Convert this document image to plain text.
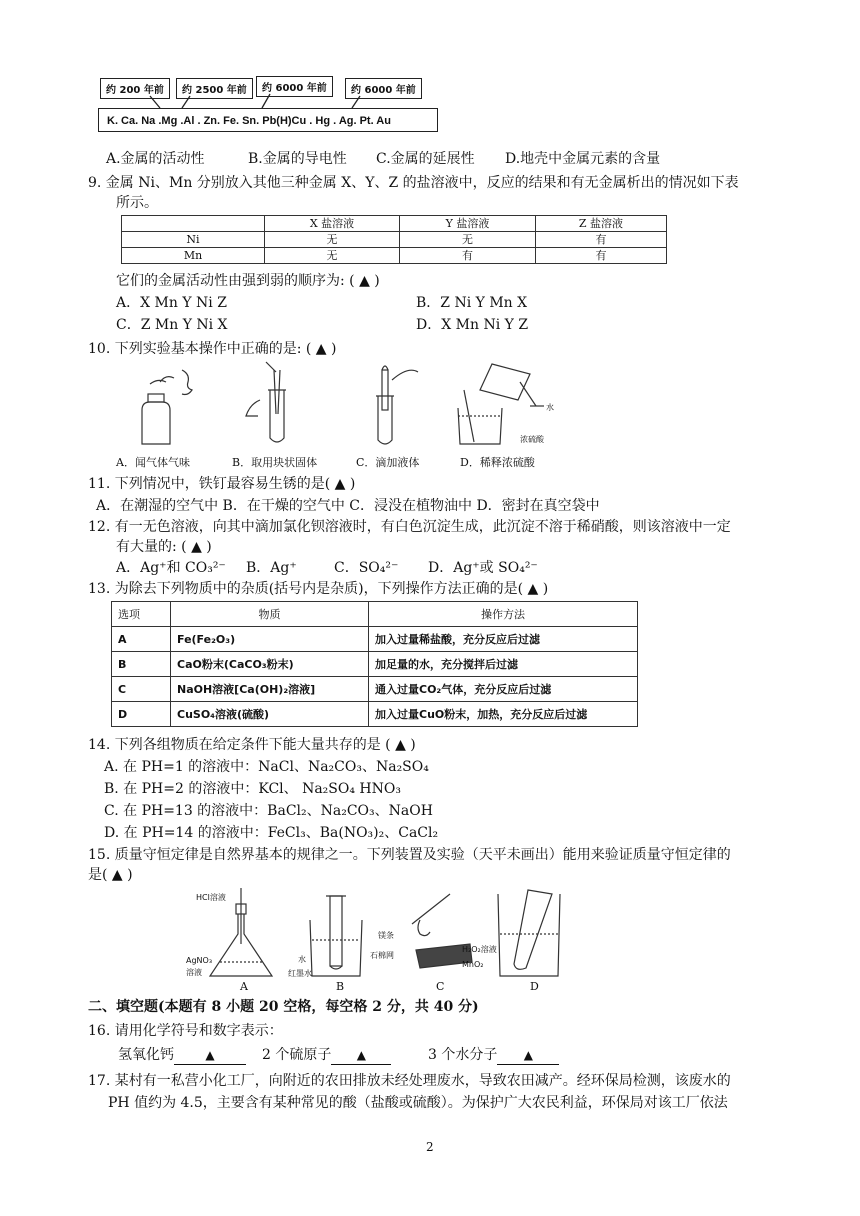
约 200 年前	约 2500 年前	约 6000 年前	约 6000 年前
K. Ca. Na .Mg .Al . Zn. Fe. Sn. Pb(H)Cu . Hg . Ag. Pt. Au
A.金属的活动性	B.金属的导电性 C.金属的延展性 D.地壳中金属元素的含量
9. 金属 Ni、Mn 分别放入其他三种金属 X、Y、Z 的盐溶液中，反应的结果和有无金属析出的情况如下表
所示。
	X 盐溶液	Y 盐溶液	Z 盐溶液
Ni	无	无	有
Mn	无	有	有
它们的金属活动性由强到弱的顺序为: ( ▲ )
A．X Mn Y Ni Z	B．Z Ni Y Mn X
C．Z Mn Y Ni X	D．X Mn Ni Y Z
10. 下列实验基本操作中正确的是: ( ▲ )
水
浓硫酸
A．闻气体气味	B．取用块状固体	C．滴加液体	D．稀释浓硫酸
11. 下列情况中，铁钉最容易生锈的是( ▲ )
A．在潮湿的空气中 B．在干燥的空气中 C．浸没在植物油中 D．密封在真空袋中
12. 有一无色溶液，向其中滴加氯化钡溶液时，有白色沉淀生成，此沉淀不溶于稀硝酸，则该溶液中一定
有大量的: ( ▲ )
A．Ag⁺和 CO₃²⁻ B．Ag⁺	C．SO₄²⁻ D．Ag⁺或 SO₄²⁻
13. 为除去下列物质中的杂质(括号内是杂质)，下列操作方法正确的是( ▲ )
选项	物质	操作方法
A	Fe(Fe₂O₃)	加入过量稀盐酸，充分反应后过滤
B	CaO粉末(CaCO₃粉末)	加足量的水，充分搅拌后过滤
C	NaOH溶液[Ca(OH)₂溶液]	通入过量CO₂气体，充分反应后过滤
D	CuSO₄溶液(硫酸)	加入过量CuO粉末，加热，充分反应后过滤
14. 下列各组物质在给定条件下能大量共存的是 ( ▲ )
A. 在 PH=1 的溶液中：NaCl、Na₂CO₃、Na₂SO₄
B. 在 PH=2 的溶液中：KCl、 Na₂SO₄ HNO₃
C. 在 PH=13 的溶液中：BaCl₂、Na₂CO₃、NaOH
D. 在 PH=14 的溶液中：FeCl₃、Ba(NO₃)₂、CaCl₂
15. 质量守恒定律是自然界基本的规律之一。下列装置及实验（天平未画出）能用来验证质量守恒定律的
是( ▲ )
HCl溶液
AgNO₃
溶液
水
红墨水
镁条
石棉网
H₂O₂溶液
MnO₂
A	B	C	D
二、填空题(本题有 8 小题 20 空格，每空格 2 分，共 40 分)
16. 请用化学符号和数字表示：
氢氧化钙	▲	2 个硫原子 ▲	3 个水分子 ▲
17. 某村有一私营小化工厂，向附近的农田排放未经处理废水，导致农田减产。经环保局检测，该废水的
PH 值约为 4.5，主要含有某种常见的酸（盐酸或硫酸）。为保护广大农民利益，环保局对该工厂依法
2
